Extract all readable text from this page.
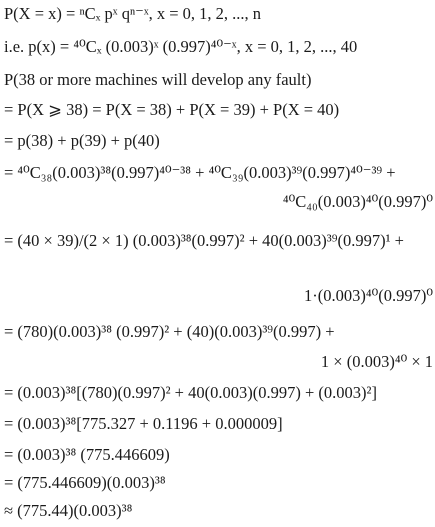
P(X = x) = ⁿCₓ pˣ qⁿ⁻ˣ, x = 0, 1, 2, ..., n
i.e. p(x) = ⁴⁰Cₓ (0.003)ˣ (0.997)⁴⁰⁻ˣ, x = 0, 1, 2, ..., 40
P(38 or more machines will develop any fault)
= P(X ⩾ 38) = P(X = 38) + P(X = 39) + P(X = 40)
= p(38) + p(39) + p(40)
= ⁴⁰C₃₈(0.003)³⁸(0.997)⁴⁰⁻³⁸ + ⁴⁰C₃₉(0.003)³⁹(0.997)⁴⁰⁻³⁹ +
⁴⁰C₄₀(0.003)⁴⁰(0.997)⁰
= (40 × 39)/(2 × 1) (0.003)³⁸(0.997)² + 40(0.003)³⁹(0.997)¹ +
1·(0.003)⁴⁰(0.997)⁰
= (780)(0.003)³⁸ (0.997)² + (40)(0.003)³⁹(0.997) +
1 × (0.003)⁴⁰ × 1
= (0.003)³⁸[(780)(0.997)² + 40(0.003)(0.997) + (0.003)²]
= (0.003)³⁸[775.327 + 0.1196 + 0.000009]
= (0.003)³⁸ (775.446609)
= (775.446609)(0.003)³⁸
≈ (775.44)(0.003)³⁸
